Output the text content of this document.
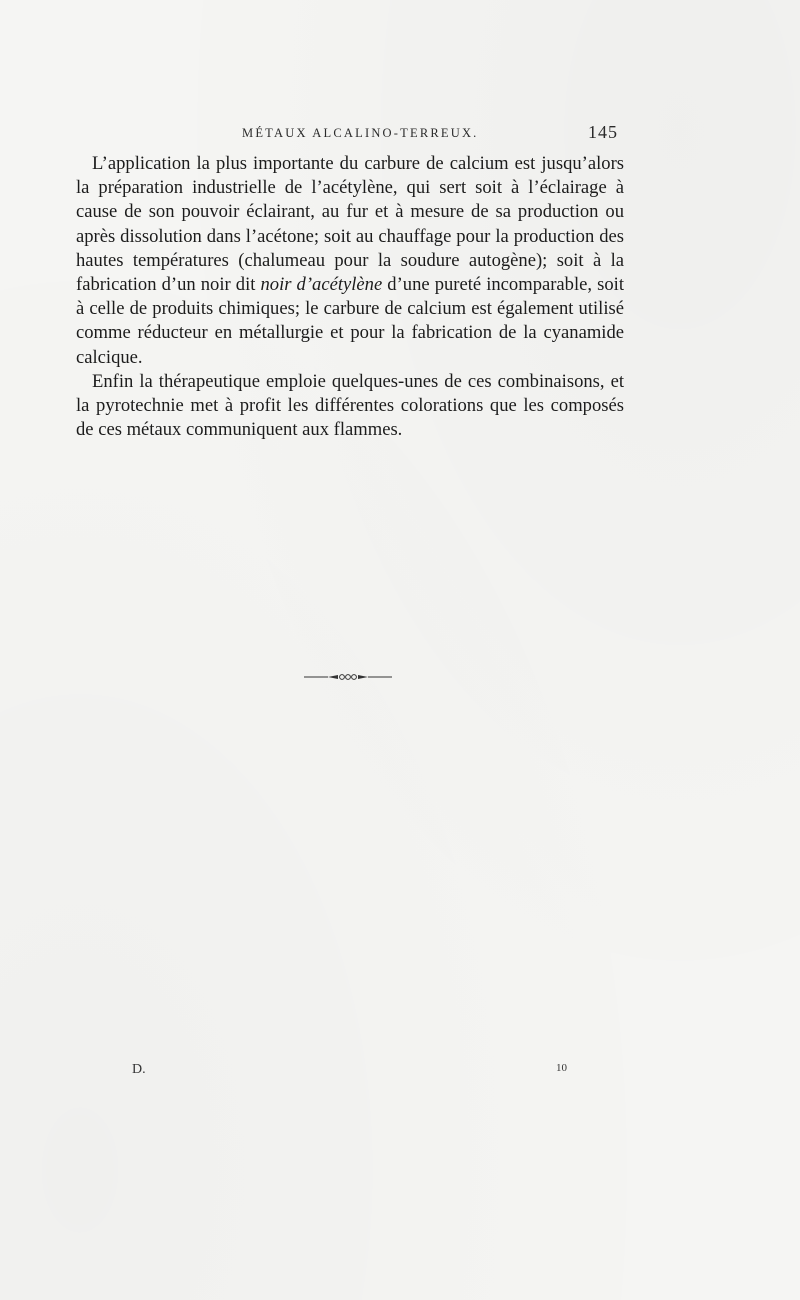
MÉTAUX ALCALINO-TERREUX.	145

L’application la plus importante du carbure de calcium est jusqu’alors la préparation industrielle de l’acétylène, qui sert soit à l’éclairage à cause de son pouvoir éclairant, au fur et à mesure de sa production ou après dissolution dans l’acétone; soit au chauffage pour la production des hautes températures (chalumeau pour la soudure autogène); soit à la fabrication d’un noir dit noir d’acétylène d’une pureté incomparable, soit à celle de produits chimiques; le carbure de calcium est également utilisé comme réducteur en métallurgie et pour la fabrication de la cyanamide calcique.

Enfin la thérapeutique emploie quelques-unes de ces combinaisons, et la pyrotechnie met à profit les différentes colorations que les composés de ces métaux communiquent aux flammes.

D.	10
